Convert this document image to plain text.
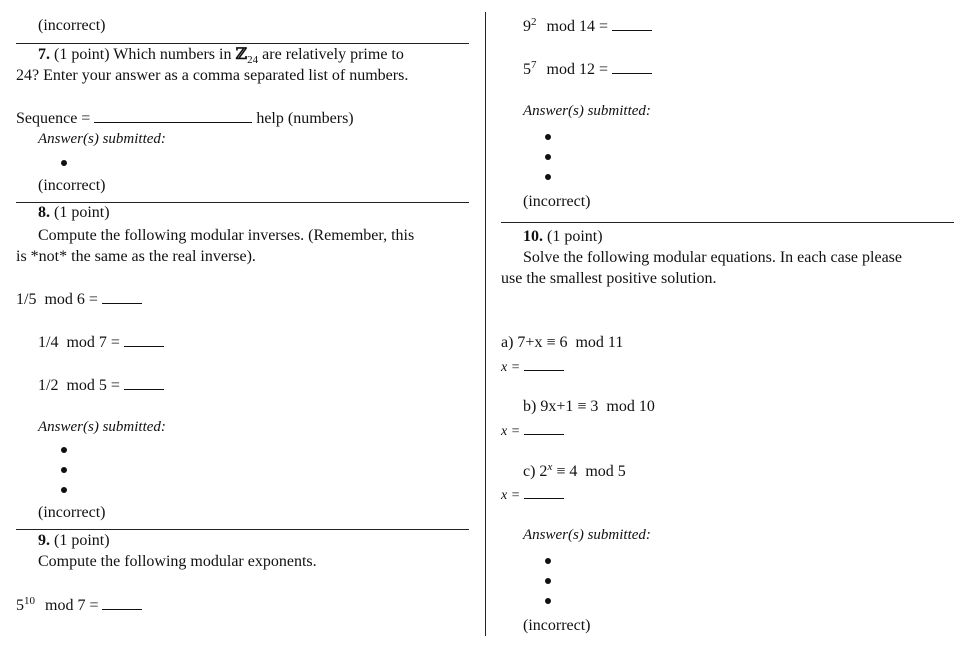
(incorrect)
7. (1 point) Which numbers in ℤ$_{24}$ are relatively prime to
24? Enter your answer as a comma separated list of numbers.
Sequence =	help (numbers)
Answer(s) submitted:
(incorrect)
8. (1 point)
Compute the following modular inverses. (Remember, this
is *not* the same as the real inverse).
1/5  mod 6 =
1/4  mod 7 =
1/2  mod 5 =
Answer(s) submitted:
(incorrect)
9. (1 point)
Compute the following modular exponents.
$5^{10}$ mod 7 =
$9^2$ mod 14 =
$5^7$ mod 12 =
Answer(s) submitted:
(incorrect)
10. (1 point)
Solve the following modular equations. In each case please
use the smallest positive solution.
a) 7+x ≡ 6  mod 11
x =
b) 9x+1 ≡ 3  mod 10
x =
c) $2^x \equiv 4$  mod 5
x =
Answer(s) submitted:
(incorrect)
